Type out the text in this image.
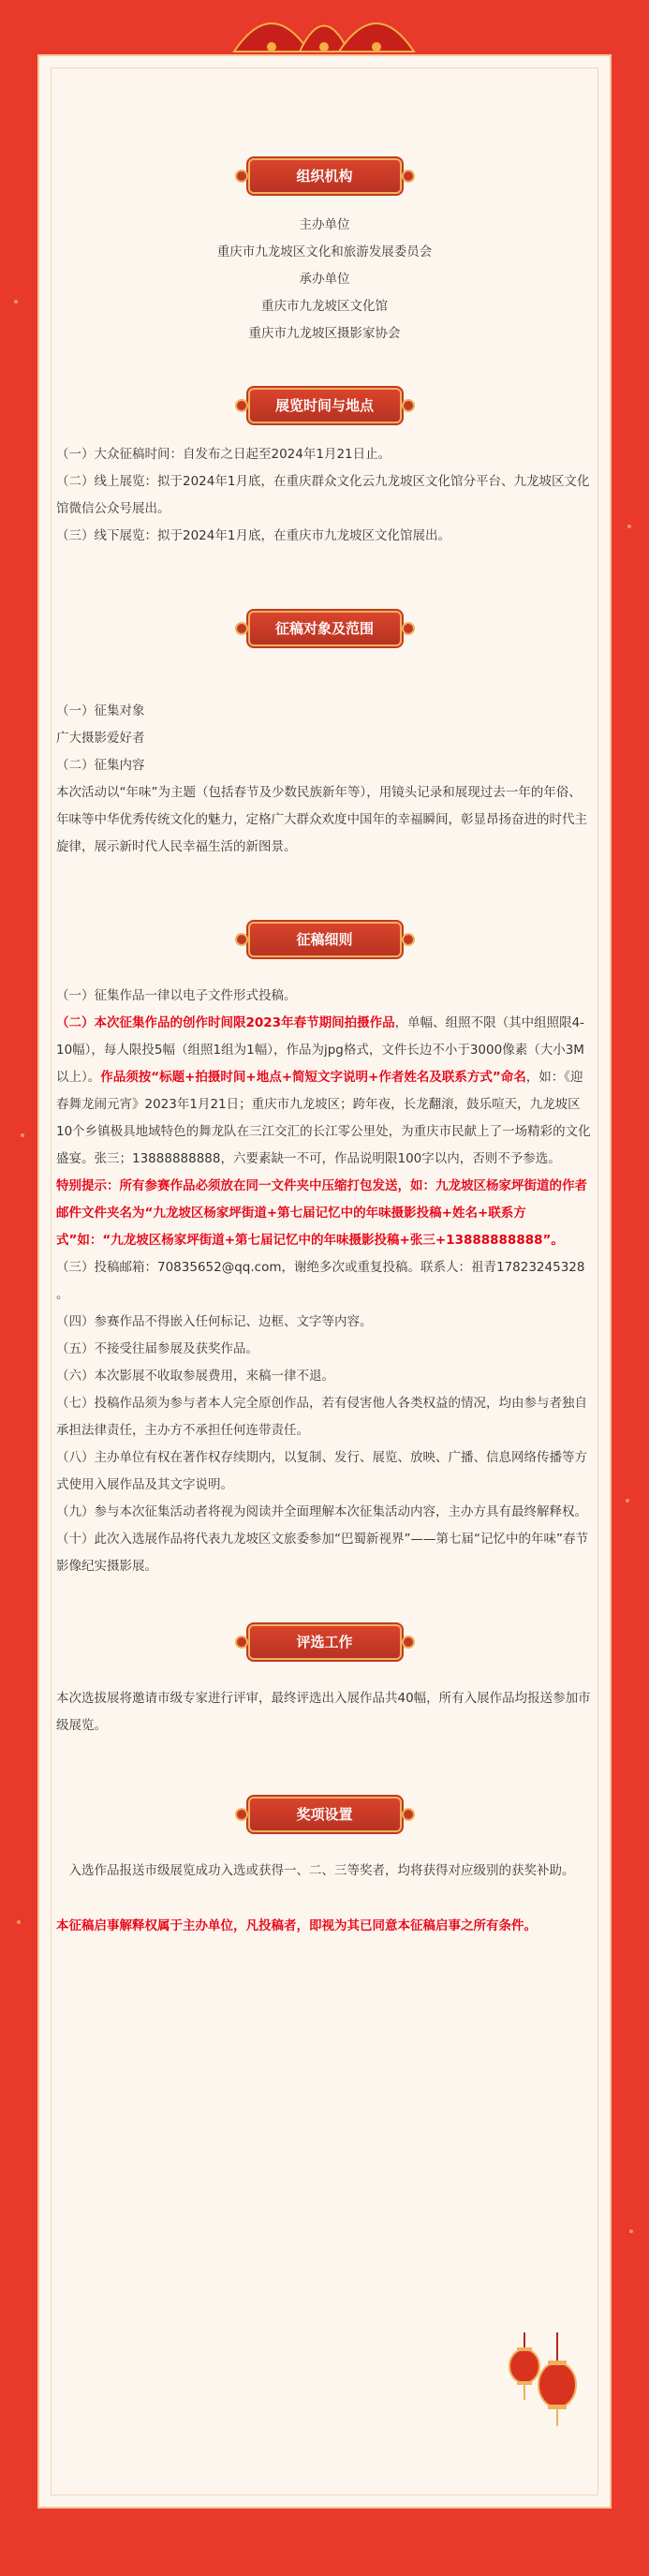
组织机构

主办单位

重庆市九龙坡区文化和旅游发展委员会

承办单位

重庆市九龙坡区文化馆

重庆市九龙坡区摄影家协会

展览时间与地点

（一）大众征稿时间：自发布之日起至2024年1月21日止。

（二）线上展览：拟于2024年1月底，在重庆群众文化云九龙坡区文化馆分平台、九龙坡区文化馆微信公众号展出。

（三）线下展览：拟于2024年1月底，在重庆市九龙坡区文化馆展出。

征稿对象及范围

（一）征集对象

广大摄影爱好者

（二）征集内容

本次活动以“年味”为主题（包括春节及少数民族新年等），用镜头记录和展现过去一年的年俗、年味等中华优秀传统文化的魅力，定格广大群众欢度中国年的幸福瞬间，彰显昂扬奋进的时代主旋律，展示新时代人民幸福生活的新图景。

征稿细则

（一）征集作品一律以电子文件形式投稿。

（二）本次征集作品的创作时间限2023年春节期间拍摄作品，单幅、组照不限（其中组照限4-10幅），每人限投5幅（组照1组为1幅），作品为jpg格式，文件长边不小于3000像素（大小3M以上）。作品须按“标题+拍摄时间+地点+简短文字说明+作者姓名及联系方式”命名，如：《迎春舞龙闹元宵》2023年1月21日；重庆市九龙坡区；跨年夜，长龙翻滚，鼓乐喧天，九龙坡区10个乡镇极具地域特色的舞龙队在三江交汇的长江零公里处，为重庆市民献上了一场精彩的文化盛宴。张三；13888888888，六要素缺一不可，作品说明限100字以内，否则不予参选。

特别提示：所有参赛作品必须放在同一文件夹中压缩打包发送，如：九龙坡区杨家坪街道的作者邮件文件夹名为“九龙坡区杨家坪街道+第七届记忆中的年味摄影投稿+姓名+联系方式”如：“九龙坡区杨家坪街道+第七届记忆中的年味摄影投稿+张三+13888888888”。

（三）投稿邮箱：70835652@qq.com，谢绝多次或重复投稿。联系人：祖青17823245328 。

（四）参赛作品不得嵌入任何标记、边框、文字等内容。

（五）不接受往届参展及获奖作品。

（六）本次影展不收取参展费用，来稿一律不退。

（七）投稿作品须为参与者本人完全原创作品，若有侵害他人各类权益的情况，均由参与者独自承担法律责任，主办方不承担任何连带责任。

（八）主办单位有权在著作权存续期内，以复制、发行、展览、放映、广播、信息网络传播等方式使用入展作品及其文字说明。

（九）参与本次征集活动者将视为阅读并全面理解本次征集活动内容，主办方具有最终解释权。

（十）此次入选展作品将代表九龙坡区文旅委参加“巴蜀新视界”——第七届“记忆中的年味”春节影像纪实摄影展。

评选工作

本次选拔展将邀请市级专家进行评审，最终评选出入展作品共40幅，所有入展作品均报送参加市级展览。

奖项设置

入选作品报送市级展览成功入选或获得一、二、三等奖者，均将获得对应级别的获奖补助。

本征稿启事解释权属于主办单位，凡投稿者，即视为其已同意本征稿启事之所有条件。
